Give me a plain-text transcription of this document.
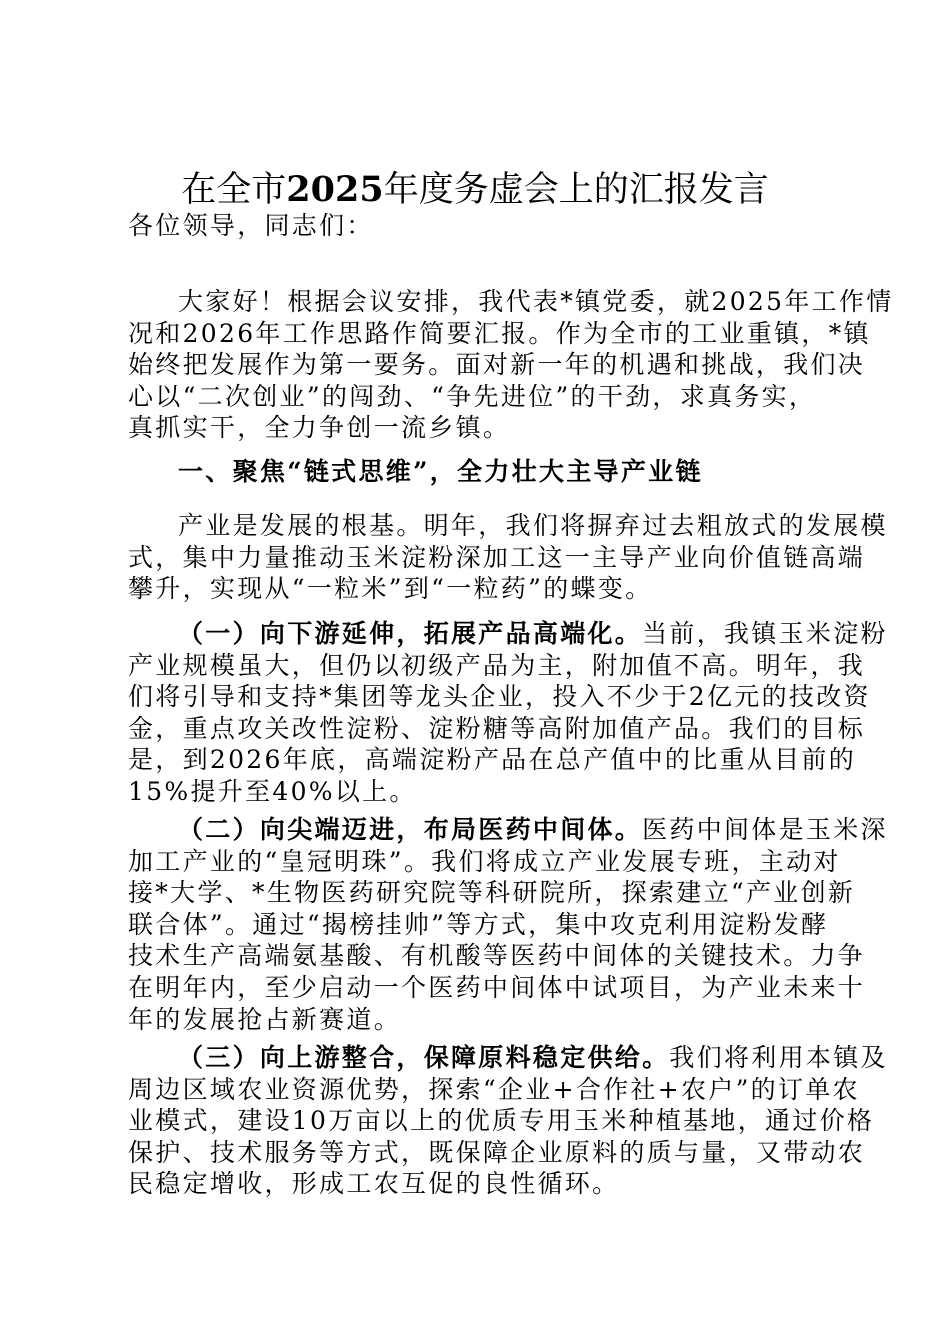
在全市2025年度务虚会上的汇报发言
各位领导，同志们：
大家好！根据会议安排，我代表*镇党委，就2025年工作情
况和2026年工作思路作简要汇报。作为全市的工业重镇，*镇
始终把发展作为第一要务。面对新一年的机遇和挑战，我们决
心以“二次创业”的闯劲、“争先进位”的干劲，求真务实，
真抓实干，全力争创一流乡镇。
一、聚焦“链式思维”，全力壮大主导产业链
产业是发展的根基。明年，我们将摒弃过去粗放式的发展模
式，集中力量推动玉米淀粉深加工这一主导产业向价值链高端
攀升，实现从“一粒米”到“一粒药”的蝶变。
（一）向下游延伸，拓展产品高端化。当前，我镇玉米淀粉
产业规模虽大，但仍以初级产品为主，附加值不高。明年，我
们将引导和支持*集团等龙头企业，投入不少于2亿元的技改资
金，重点攻关改性淀粉、淀粉糖等高附加值产品。我们的目标
是，到2026年底，高端淀粉产品在总产值中的比重从目前的
15%提升至40%以上。
（二）向尖端迈进，布局医药中间体。医药中间体是玉米深
加工产业的“皇冠明珠”。我们将成立产业发展专班，主动对
接*大学、*生物医药研究院等科研院所，探索建立“产业创新
联合体”。通过“揭榜挂帅”等方式，集中攻克利用淀粉发酵
技术生产高端氨基酸、有机酸等医药中间体的关键技术。力争
在明年内，至少启动一个医药中间体中试项目，为产业未来十
年的发展抢占新赛道。
（三）向上游整合，保障原料稳定供给。我们将利用本镇及
周边区域农业资源优势，探索“企业+合作社+农户”的订单农
业模式，建设10万亩以上的优质专用玉米种植基地，通过价格
保护、技术服务等方式，既保障企业原料的质与量，又带动农
民稳定增收，形成工农互促的良性循环。
